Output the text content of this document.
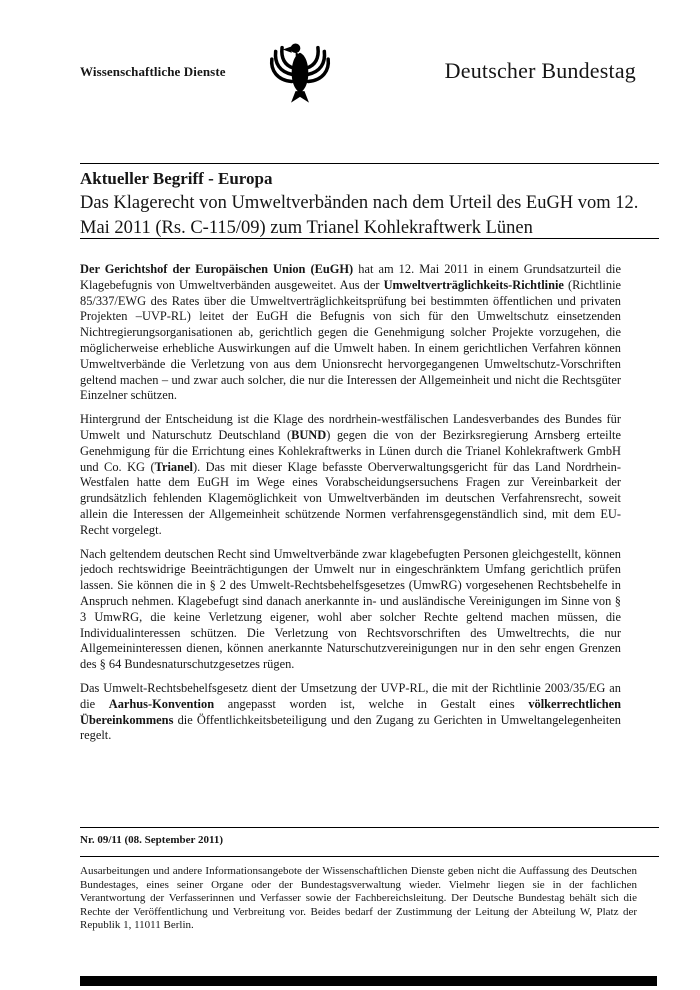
Wissenschaftliche Dienste	Deutscher Bundestag
Aktueller Begriff - Europa
Das Klagerecht von Umweltverbänden nach dem Urteil des EuGH vom 12. Mai 2011 (Rs. C-115/09) zum Trianel Kohlekraftwerk Lünen

Der Gerichtshof der Europäischen Union (EuGH) hat am 12. Mai 2011 in einem Grundsatzurteil die Klagebefugnis von Umweltverbänden ausgeweitet. Aus der Umweltverträglichkeits-Richtlinie (Richtlinie 85/337/EWG des Rates über die Umweltverträglichkeitsprüfung bei bestimmten öffentlichen und privaten Projekten –UVP-RL) leitet der EuGH die Befugnis von sich für den Umweltschutz einsetzenden Nichtregierungsorganisationen ab, gerichtlich gegen die Genehmigung solcher Projekte vorzugehen, die möglicherweise erhebliche Auswirkungen auf die Umwelt haben. In einem gerichtlichen Verfahren können Umweltverbände die Verletzung von aus dem Unionsrecht hervorgegangenen Umweltschutz-Vorschriften geltend machen – und zwar auch solcher, die nur die Interessen der Allgemeinheit und nicht die Rechtsgüter Einzelner schützen.

Hintergrund der Entscheidung ist die Klage des nordrhein-westfälischen Landesverbandes des Bundes für Umwelt und Naturschutz Deutschland (BUND) gegen die von der Bezirksregierung Arnsberg erteilte Genehmigung für die Errichtung eines Kohlekraftwerks in Lünen durch die Trianel Kohlekraftwerk GmbH und Co. KG (Trianel). Das mit dieser Klage befasste Oberverwaltungsgericht für das Land Nordrhein-Westfalen hatte dem EuGH im Wege eines Vorabscheidungsersuchens Fragen zur Vereinbarkeit der grundsätzlich fehlenden Klagemöglichkeit von Umweltverbänden im deutschen Verfahrensrecht, soweit allein die Interessen der Allgemeinheit schützende Normen verfahrensgegenständlich sind, mit dem EU-Recht vorgelegt.

Nach geltendem deutschen Recht sind Umweltverbände zwar klagebefugten Personen gleichgestellt, können jedoch rechtswidrige Beeinträchtigungen der Umwelt nur in eingeschränktem Umfang gerichtlich prüfen lassen. Sie können die in § 2 des Umwelt-Rechtsbehelfsgesetzes (UmwRG) vorgesehenen Rechtsbehelfe in Anspruch nehmen. Klagebefugt sind danach anerkannte in- und ausländische Vereinigungen im Sinne von § 3 UmwRG, die keine Verletzung eigener, wohl aber solcher Rechte geltend machen müssen, die Individualinteressen schützen. Die Verletzung von Rechtsvorschriften des Umweltrechts, die nur Allgemeininteressen dienen, können anerkannte Naturschutzvereinigungen nur in den sehr engen Grenzen des § 64 Bundesnaturschutzgesetzes rügen.

Das Umwelt-Rechtsbehelfsgesetz dient der Umsetzung der UVP-RL, die mit der Richtlinie 2003/35/EG an die Aarhus-Konvention angepasst worden ist, welche in Gestalt eines völkerrechtlichen Übereinkommens die Öffentlichkeitsbeteiligung und den Zugang zu Gerichten in Umweltangelegenheiten regelt.

Nr. 09/11 (08. September 2011)

Ausarbeitungen und andere Informationsangebote der Wissenschaftlichen Dienste geben nicht die Auffassung des Deutschen Bundestages, eines seiner Organe oder der Bundestagsverwaltung wieder. Vielmehr liegen sie in der fachlichen Verantwortung der Verfasserinnen und Verfasser sowie der Fachbereichsleitung. Der Deutsche Bundestag behält sich die Rechte der Veröffentlichung und Verbreitung vor. Beides bedarf der Zustimmung der Leitung der Abteilung W, Platz der Republik 1, 11011 Berlin.
